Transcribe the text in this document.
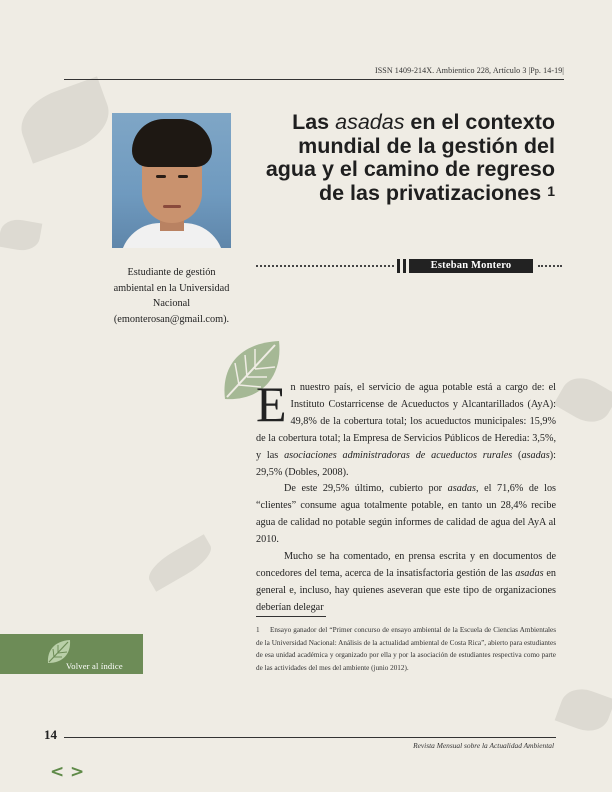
ISSN 1409-214X. Ambientico 228, Artículo 3 |Pp. 14-19|
Las asadas en el contexto mundial de la gestión del agua y el camino de regreso de las privatizaciones $^1$
Esteban Montero
Estudiante de gestión ambiental en la Universidad Nacional (emonterosan@gmail.com).

En nuestro país, el servicio de agua potable está a cargo de: el Instituto Costarricense de Acueductos y Alcantarillados (AyA): 49,8% de la cobertura total; los acueductos municipales: 15,9% de la cobertura total; la Empresa de Servicios Públicos de Heredia: 3,5%, y las asociaciones administradoras de acueductos rurales (asadas): 29,5% (Dobles, 2008).

De este 29,5% último, cubierto por asadas, el 71,6% de los “clientes” consume agua totalmente potable, en tanto un 28,4% recibe agua de calidad no potable según informes de calidad de agua del AyA al 2010.

Mucho se ha comentado, en prensa escrita y en documentos de concedores del tema, acerca de la insatisfactoria gestión de las asadas en general e, incluso, hay quienes aseveran que este tipo de organizaciones deberían delegar

1 Ensayo ganador del “Primer concurso de ensayo ambiental de la Escuela de Ciencias Ambientales de la Universidad Nacional: Análisis de la actualidad ambiental de Costa Rica”, abierto para estudiantes de esa unidad académica y organizado por ella y por la asociación de estudiantes respectiva como parte de las actividades del mes del ambiente (junio 2012).
Volver al índice
14
Revista Mensual sobre la Actualidad Ambiental
< >
